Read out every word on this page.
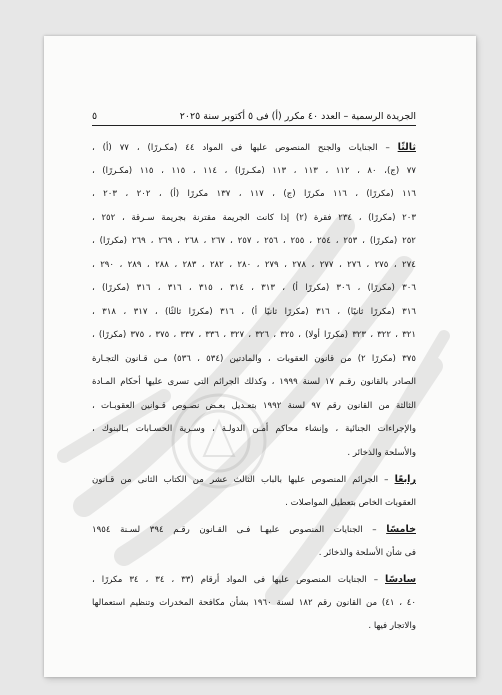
الجريدة الرسمية – العدد ٤٠ مكرر (أ) فى ٥ أكتوبر سنة ٢٠٢٥
٥
ثالثًا – الجنايات والجنح المنصوص عليها فى المواد ٤٤ (مكـررًا) ، ٧٧ (أ) ،
٧٧ (ج)، ٨٠ ، ١١٢ ، ١١٣ ، ١١٣ (مكـررًا) ، ١١٤ ، ١١٥ ، ١١٥ (مكـررًا) ،
١١٦ (مكررًا) ، ١١٦ مكررًا (ج) ، ١١٧ ، ١٣٧ مكررًا (أ) ، ٢٠٢ ، ٢٠٣ ،
٢٠٣ (مكررًا) ، ٢٣٤ فقرة (٢) إذا كانت الجريمة مقترنة بجريمة سـرقة ، ٢٥٢ ،
٢٥٢ (مكررًا) ، ٢٥٣ ، ٢٥٤ ، ٢٥٥ ، ٢٥٦ ، ٢٥٧ ، ٢٦٧ ، ٢٦٨ ، ٢٦٩ ، ٢٦٩ (مكررًا) ،
٢٧٤ ، ٢٧٥ ، ٢٧٦ ، ٢٧٧ ، ٢٧٨ ، ٢٧٩ ، ٢٨٠ ، ٢٨٢ ، ٢٨٣ ، ٢٨٨ ، ٢٨٩ ، ٢٩٠ ،
٣٠٦ (مكررًا) ، ٣٠٦ (مكررًا أ) ، ٣١٣ ، ٣١٤ ، ٣١٥ ، ٣١٦ ، ٣١٦ (مكررًا) ،
٣١٦ (مكررًا ثانيًا) ، ٣١٦ (مكررًا ثانيًا أ) ، ٣١٦ (مكررًا ثالثًا) ، ٣١٧ ، ٣١٨ ،
٣٢١ ، ٣٢٢ ، ٣٢٣ (مكررًا أولا) ، ٣٢٥ ، ٣٢٦ ، ٣٢٧ ، ٣٣٦ ، ٣٣٧ ، ٣٧٥ ، ٣٧٥ (مكررًا) ،
٣٧٥ (مكررًا ٢) من قانون العقوبات ، والمادتين (٥٣٤ ، ٥٣٦) مـن قـانون التجـارة
الصادر بالقانون رقـم ١٧ لسنة ١٩٩٩ ، وكذلك الجرائم التى تسرى عليها أحكام المـادة
الثالثة من القانون رقم ٩٧ لسنة ١٩٩٢ بتعـديل بعـض نصـوص قـوانين العقوبـات ،
والإجراءات الجنائية ، وإنشاء محاكم أمـن الدولـة ، وسـرية الحسـابات بـالبنوك ،
والأسلحة والذخائر .
رابعًا – الجرائم المنصوص عليها بالباب الثالث عشر من الكتاب الثانى من قـانون
العقوبات الخاص بتعطيل المواصلات .
خامسًا – الجنايات المنصوص عليهـا فـى القـانون رقـم ٣٩٤ لسـنة ١٩٥٤
فى شأن الأسلحة والذخائر .
سادسًا – الجنايات المنصوص عليها فى المواد أرقام (٣٣ ، ٣٤ ، ٣٤ مكررًا ،
٤٠ ، ٤١) من القانون رقم ١٨٢ لسنة ١٩٦٠ بشأن مكافحة المخدرات وتنظيم استعمالها
والاتجار فيها .
